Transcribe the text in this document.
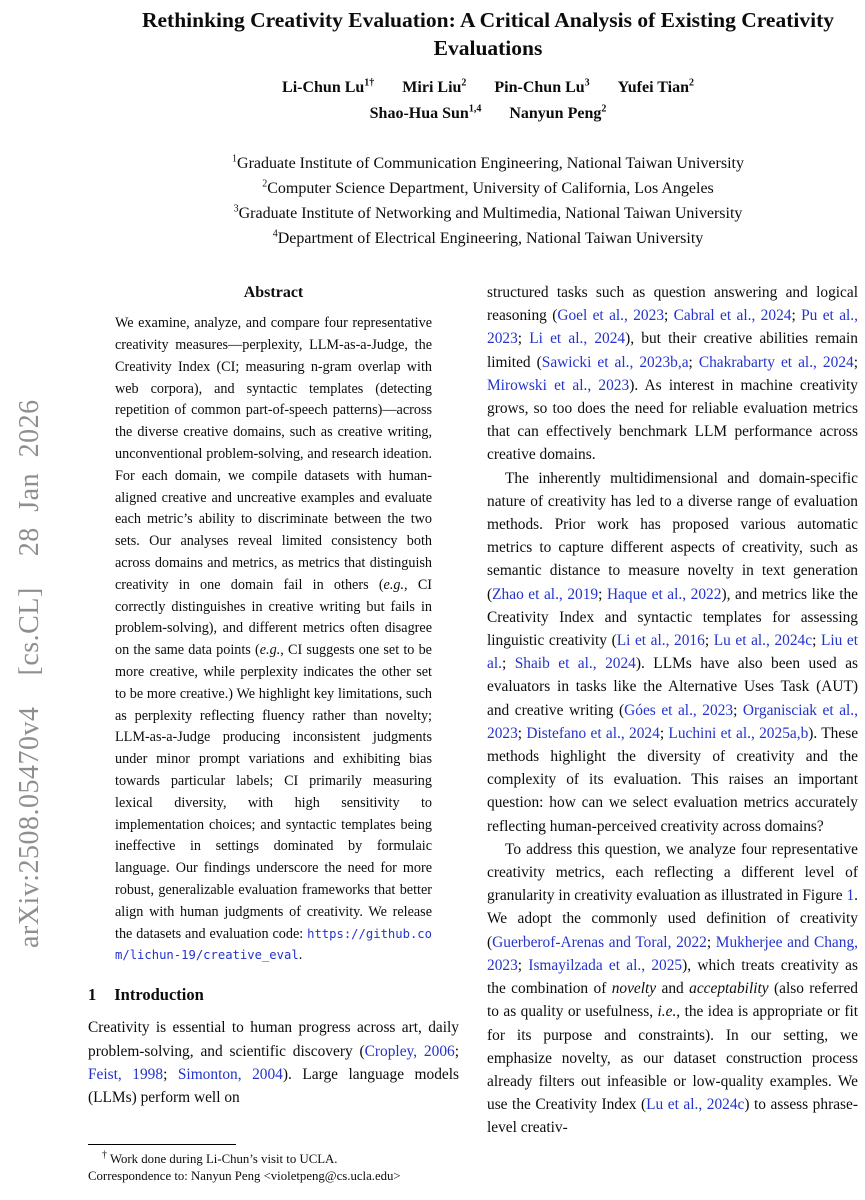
arXiv:2508.05470v4  [cs.CL]  28 Jan 2026
Rethinking Creativity Evaluation: A Critical Analysis of Existing Creativity Evaluations
Li-Chun $Lu^{1\dagger}$ Miri Liu$^2$ Pin-Chun Lu$^3$ Yufei Tian$^2$
Shao-Hua Sun$^{1,4}$ Nanyun Peng$^2$
$^1$Graduate Institute of Communication Engineering, National Taiwan University
$^2$Computer Science Department, University of California, Los Angeles
$^3$Graduate Institute of Networking and Multimedia, National Taiwan University
$^4$Department of Electrical Engineering, National Taiwan University
Abstract

We examine, analyze, and compare four representative creativity measures—perplexity, LLM-as-a-Judge, the Creativity Index (CI; measuring n-gram overlap with web corpora), and syntactic templates (detecting repetition of common part-of-speech patterns)—across the diverse creative domains, such as creative writing, unconventional problem-solving, and research ideation. For each domain, we compile datasets with human-aligned creative and uncreative examples and evaluate each metric’s ability to discriminate between the two sets. Our analyses reveal limited consistency both across domains and metrics, as metrics that distinguish creativity in one domain fail in others (e.g., CI correctly distinguishes in creative writing but fails in problem-solving), and different metrics often disagree on the same data points (e.g., CI suggests one set to be more creative, while perplexity indicates the other set to be more creative.) We highlight key limitations, such as perplexity reflecting fluency rather than novelty; LLM-as-a-Judge producing inconsistent judgments under minor prompt variations and exhibiting bias towards particular labels; CI primarily measuring lexical diversity, with high sensitivity to implementation choices; and syntactic templates being ineffective in settings dominated by formulaic language. Our findings underscore the need for more robust, generalizable evaluation frameworks that better align with human judgments of creativity. We release the datasets and evaluation code: https://github.com/lichun-19/creative_eval.

1 Introduction

Creativity is essential to human progress across art, daily problem-solving, and scientific discovery (Cropley, 2006; Feist, 1998; Simonton, 2004). Large language models (LLMs) perform well on

structured tasks such as question answering and logical reasoning (Goel et al., 2023; Cabral et al., 2024; Pu et al., 2023; Li et al., 2024), but their creative abilities remain limited (Sawicki et al., 2023b,a; Chakrabarty et al., 2024; Mirowski et al., 2023). As interest in machine creativity grows, so too does the need for reliable evaluation metrics that can effectively benchmark LLM performance across creative domains.

The inherently multidimensional and domain-specific nature of creativity has led to a diverse range of evaluation methods. Prior work has proposed various automatic metrics to capture different aspects of creativity, such as semantic distance to measure novelty in text generation (Zhao et al., 2019; Haque et al., 2022), and metrics like the Creativity Index and syntactic templates for assessing linguistic creativity (Li et al., 2016; Lu et al., 2024c; Liu et al.; Shaib et al., 2024). LLMs have also been used as evaluators in tasks like the Alternative Uses Task (AUT) and creative writing (Góes et al., 2023; Organisciak et al., 2023; Distefano et al., 2024; Luchini et al., 2025a,b). These methods highlight the diversity of creativity and the complexity of its evaluation. This raises an important question: how can we select evaluation metrics accurately reflecting human-perceived creativity across domains?

To address this question, we analyze four representative creativity metrics, each reflecting a different level of granularity in creativity evaluation as illustrated in Figure 1. We adopt the commonly used definition of creativity (Guerberof-Arenas and Toral, 2022; Mukherjee and Chang, 2023; Ismayilzada et al., 2025), which treats creativity as the combination of novelty and acceptability (also referred to as quality or usefulness, i.e., the idea is appropriate or fit for its purpose and constraints). In our setting, we emphasize novelty, as our dataset construction process already filters out infeasible or low-quality examples. We use the Creativity Index (Lu et al., 2024c) to assess phrase-level creativ-

† Work done during Li-Chun’s visit to UCLA.
Correspondence to: Nanyun Peng <violetpeng@cs.ucla.edu>
